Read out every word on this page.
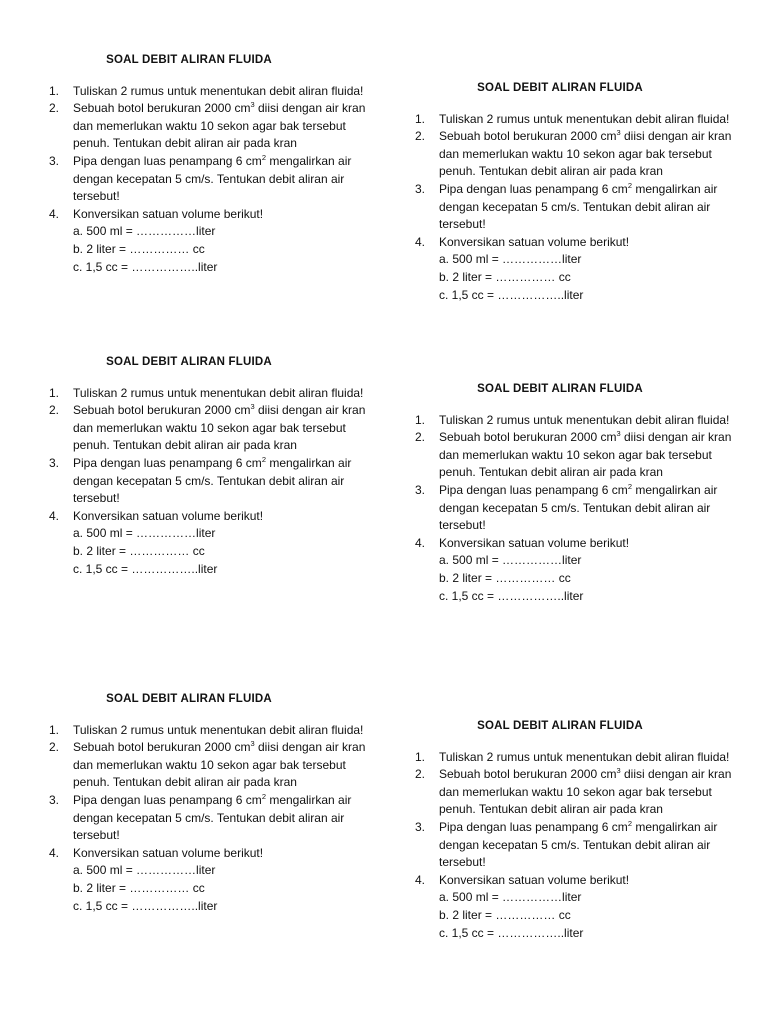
SOAL DEBIT ALIRAN FLUIDA
1. Tuliskan 2 rumus untuk menentukan debit aliran fluida!
2. Sebuah botol berukuran 2000 $cm^3$ diisi dengan air kran dan memerlukan waktu 10 sekon agar bak tersebut penuh. Tentukan debit aliran air pada kran
3. Pipa dengan luas penampang 6 $cm^2$ mengalirkan air dengan kecepatan 5 cm/s. Tentukan debit aliran air tersebut!
4. Konversikan satuan volume berikut!
a. 500 ml = ……………liter
b. 2 liter = …………… cc
c. 1,5 cc = ……………..liter
SOAL DEBIT ALIRAN FLUIDA
1. Tuliskan 2 rumus untuk menentukan debit aliran fluida!
2. Sebuah botol berukuran 2000 $cm^3$ diisi dengan air kran dan memerlukan waktu 10 sekon agar bak tersebut penuh. Tentukan debit aliran air pada kran
3. Pipa dengan luas penampang 6 $cm^2$ mengalirkan air dengan kecepatan 5 cm/s. Tentukan debit aliran air tersebut!
4. Konversikan satuan volume berikut!
a. 500 ml = ……………liter
b. 2 liter = …………… cc
c. 1,5 cc = ……………..liter
SOAL DEBIT ALIRAN FLUIDA
1. Tuliskan 2 rumus untuk menentukan debit aliran fluida!
2. Sebuah botol berukuran 2000 $cm^3$ diisi dengan air kran dan memerlukan waktu 10 sekon agar bak tersebut penuh. Tentukan debit aliran air pada kran
3. Pipa dengan luas penampang 6 $cm^2$ mengalirkan air dengan kecepatan 5 cm/s. Tentukan debit aliran air tersebut!
4. Konversikan satuan volume berikut!
a. 500 ml = ……………liter
b. 2 liter = …………… cc
c. 1,5 cc = ……………..liter
SOAL DEBIT ALIRAN FLUIDA
1. Tuliskan 2 rumus untuk menentukan debit aliran fluida!
2. Sebuah botol berukuran 2000 $cm^3$ diisi dengan air kran dan memerlukan waktu 10 sekon agar bak tersebut penuh. Tentukan debit aliran air pada kran
3. Pipa dengan luas penampang 6 $cm^2$ mengalirkan air dengan kecepatan 5 cm/s. Tentukan debit aliran air tersebut!
4. Konversikan satuan volume berikut!
a. 500 ml = ……………liter
b. 2 liter = …………… cc
c. 1,5 cc = ……………..liter
SOAL DEBIT ALIRAN FLUIDA
1. Tuliskan 2 rumus untuk menentukan debit aliran fluida!
2. Sebuah botol berukuran 2000 $cm^3$ diisi dengan air kran dan memerlukan waktu 10 sekon agar bak tersebut penuh. Tentukan debit aliran air pada kran
3. Pipa dengan luas penampang 6 $cm^2$ mengalirkan air dengan kecepatan 5 cm/s. Tentukan debit aliran air tersebut!
4. Konversikan satuan volume berikut!
a. 500 ml = ……………liter
b. 2 liter = …………… cc
c. 1,5 cc = ……………..liter
SOAL DEBIT ALIRAN FLUIDA
1. Tuliskan 2 rumus untuk menentukan debit aliran fluida!
2. Sebuah botol berukuran 2000 $cm^3$ diisi dengan air kran dan memerlukan waktu 10 sekon agar bak tersebut penuh. Tentukan debit aliran air pada kran
3. Pipa dengan luas penampang 6 $cm^2$ mengalirkan air dengan kecepatan 5 cm/s. Tentukan debit aliran air tersebut!
4. Konversikan satuan volume berikut!
a. 500 ml = ……………liter
b. 2 liter = …………… cc
c. 1,5 cc = ……………..liter
